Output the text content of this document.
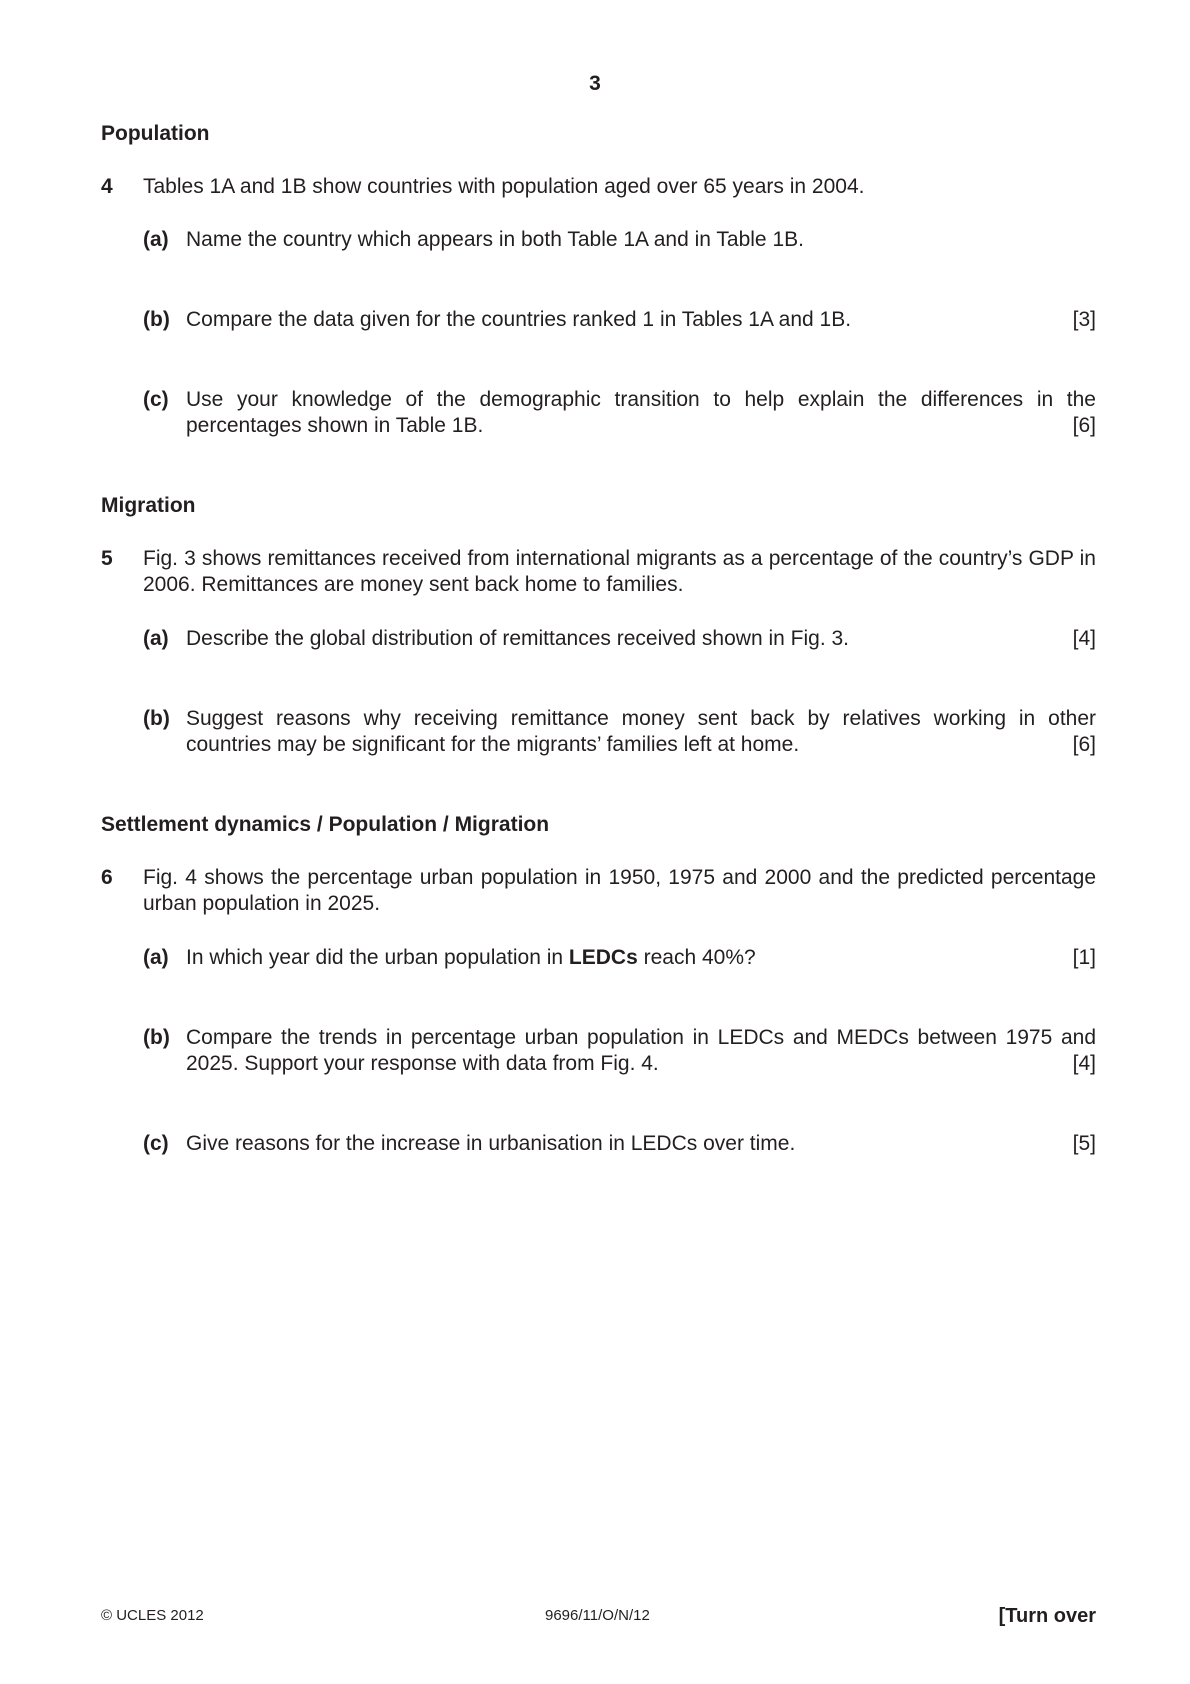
3
Population
4 Tables 1A and 1B show countries with population aged over 65 years in 2004.
(a) Name the country which appears in both Table 1A and in Table 1B.
(b) Compare the data given for the countries ranked 1 in Tables 1A and 1B.	[3]
(c) Use your knowledge of the demographic transition to help explain the differences in the percentages shown in Table 1B.	[6]
Migration
5 Fig. 3 shows remittances received from international migrants as a percentage of the country’s GDP in 2006. Remittances are money sent back home to families.
(a) Describe the global distribution of remittances received shown in Fig. 3.	[4]
(b) Suggest reasons why receiving remittance money sent back by relatives working in other countries may be significant for the migrants’ families left at home.	[6]
Settlement dynamics / Population / Migration
6 Fig. 4 shows the percentage urban population in 1950, 1975 and 2000 and the predicted percentage urban population in 2025.
(a) In which year did the urban population in LEDCs reach 40%?	[1]
(b) Compare the trends in percentage urban population in LEDCs and MEDCs between 1975 and 2025. Support your response with data from Fig. 4.	[4]
(c) Give reasons for the increase in urbanisation in LEDCs over time.	[5]
© UCLES 2012	9696/11/O/N/12	[Turn over
